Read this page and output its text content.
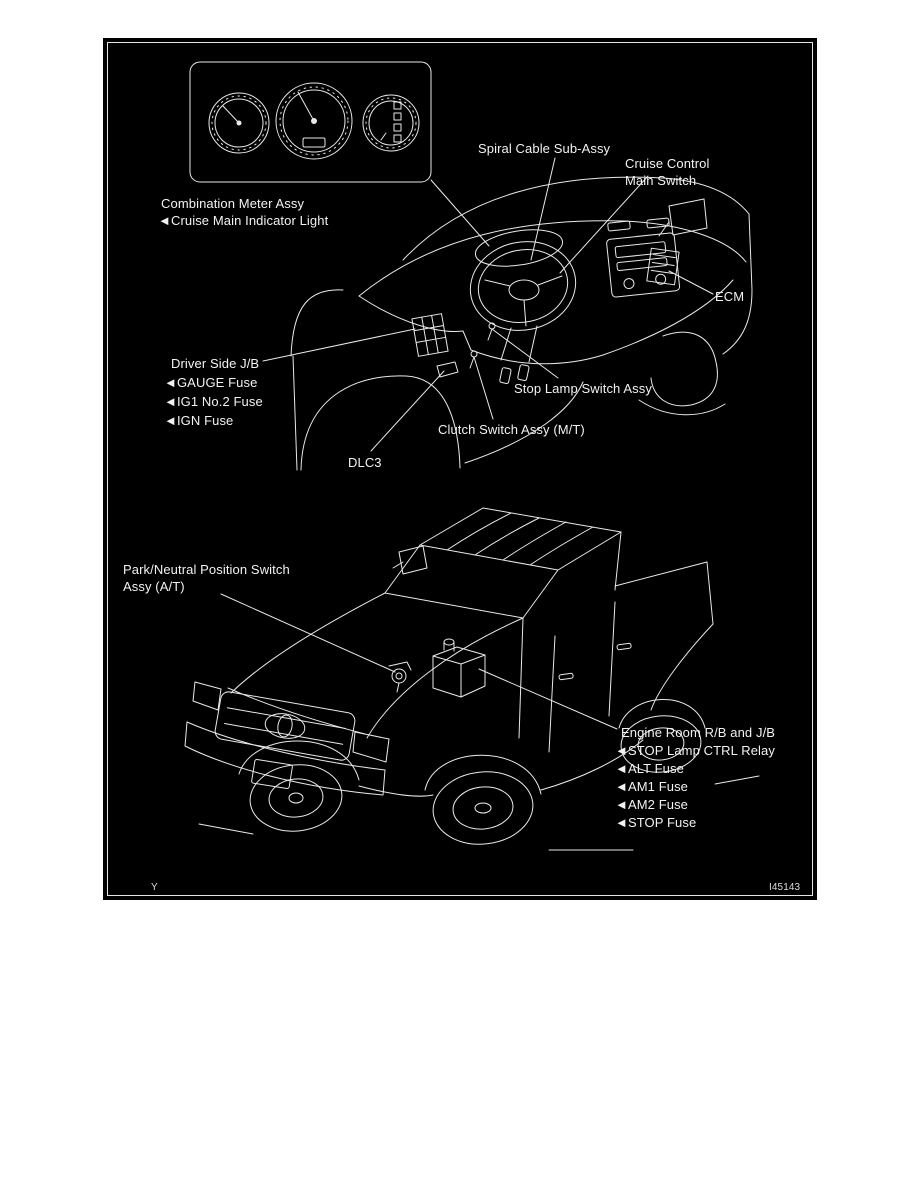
Spiral Cable Sub-Assy
Cruise Control
Main Switch
Combination Meter Assy
◄Cruise Main Indicator Light
ECM
Driver Side J/B
◄GAUGE Fuse
◄IG1 No.2 Fuse
◄IGN Fuse
Stop Lamp Switch Assy
Clutch Switch Assy (M/T)
DLC3
Park/Neutral Position Switch
Assy (A/T)
Engine Room R/B and J/B
◄STOP Lamp CTRL Relay
◄ALT Fuse
◄AM1 Fuse
◄AM2 Fuse
◄STOP Fuse
Y	I45143
